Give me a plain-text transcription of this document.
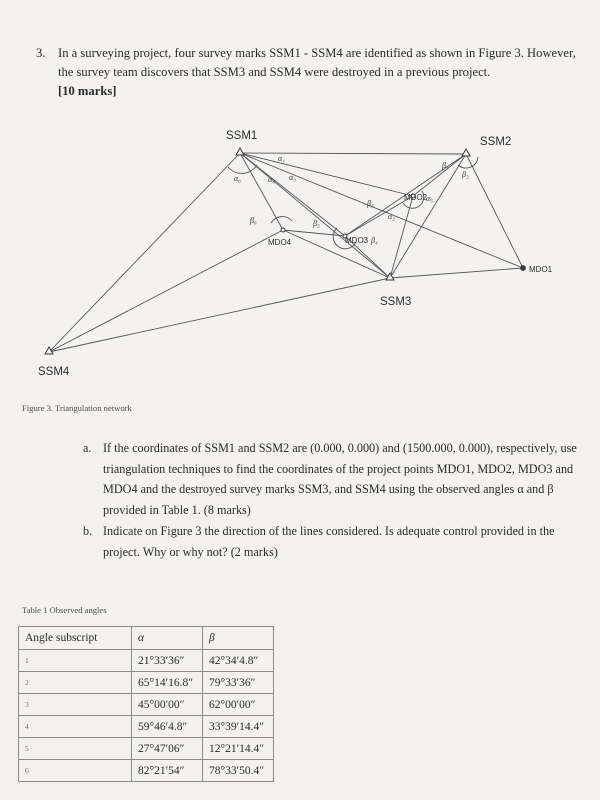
3. In a surveying project, four survey marks SSM1 - SSM4 are identified as shown in Figure 3. However, the survey team discovers that SSM3 and SSM4 were destroyed in a previous project.
[10 marks]
SSM1	SSM2
SSM3
SSM4
MDO1
MDO2
MDO3
MDO4
α₁
α₂
α₃
α₄
α₅
α₆
β₁
β₂
β₃
β₄
β₅
β₆
Figure 3. Triangulation network
a. If the coordinates of SSM1 and SSM2 are (0.000, 0.000) and (1500.000, 0.000), respectively, use triangulation techniques to find the coordinates of the project points MDO1, MDO2, MDO3 and MDO4 and the destroyed survey marks SSM3, and SSM4 using the observed angles α and β provided in Table 1. (8 marks)
b. Indicate on Figure 3 the direction of the lines considered. Is adequate control provided in the project. Why or why not? (2 marks)
Table 1 Observed angles
Angle subscript	α	β
1	21°33′36″	42°34′4.8″
2	65°14′16.8″	79°33′36″
3	45°00′00″	62°00′00″
4	59°46′4.8″	33°39′14.4″
5	27°47′06″	12°21′14.4″
6	82°21′54″	78°33′50.4″
